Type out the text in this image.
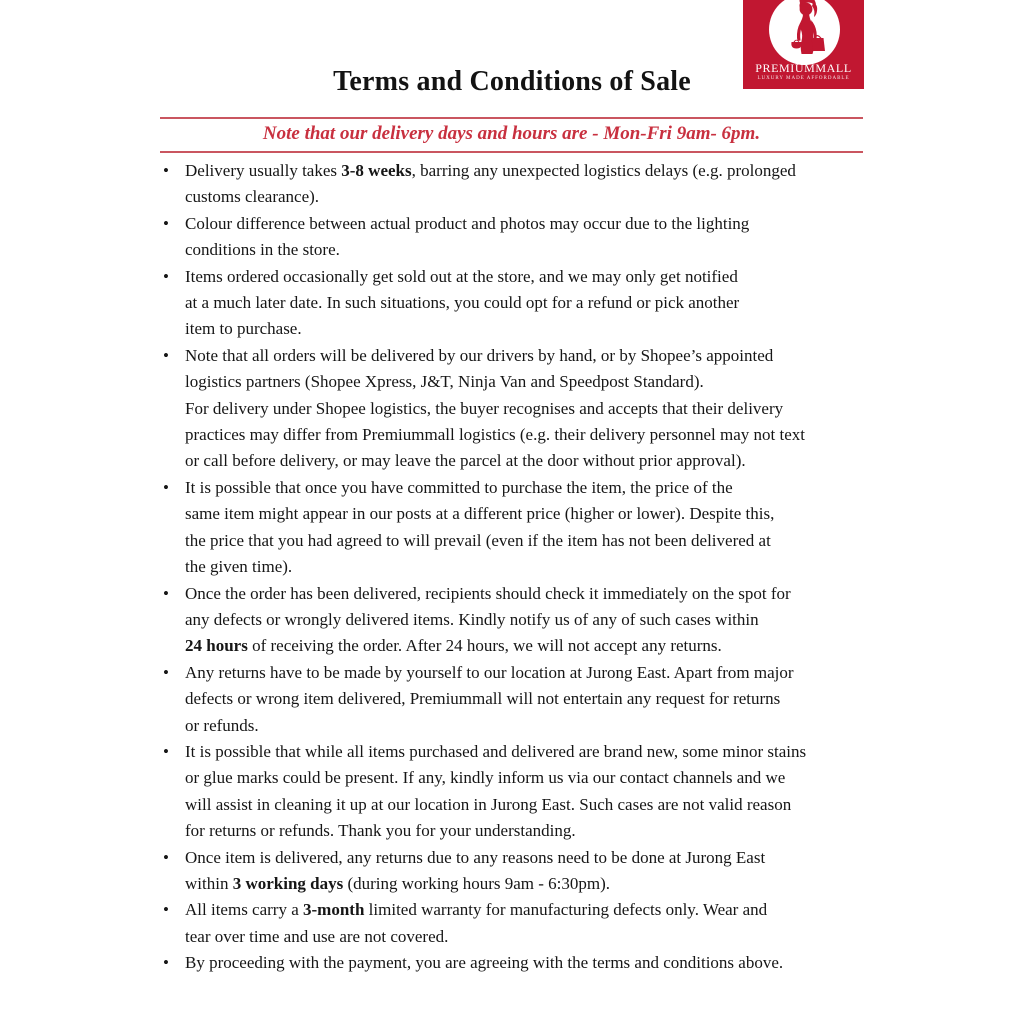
Terms and Conditions of Sale	PREMIUMMALL
LUXURY MADE AFFORDABLE
Note that our delivery days and hours are - Mon-Fri 9am- 6pm.
• Delivery usually takes 3-8 weeks, barring any unexpected logistics delays (e.g. prolonged
customs clearance).
• Colour difference between actual product and photos may occur due to the lighting
conditions in the store.
• Items ordered occasionally get sold out at the store, and we may only get notified
at a much later date. In such situations, you could opt for a refund or pick another
item to purchase.
• Note that all orders will be delivered by our drivers by hand, or by Shopee’s appointed
logistics partners (Shopee Xpress, J&T, Ninja Van and Speedpost Standard).
For delivery under Shopee logistics, the buyer recognises and accepts that their delivery
practices may differ from Premiummall logistics (e.g. their delivery personnel may not text
or call before delivery, or may leave the parcel at the door without prior approval).
• It is possible that once you have committed to purchase the item, the price of the
same item might appear in our posts at a different price (higher or lower). Despite this,
the price that you had agreed to will prevail (even if the item has not been delivered at
the given time).
• Once the order has been delivered, recipients should check it immediately on the spot for
any defects or wrongly delivered items. Kindly notify us of any of such cases within
24 hours of receiving the order. After 24 hours, we will not accept any returns.
• Any returns have to be made by yourself to our location at Jurong East. Apart from major
defects or wrong item delivered, Premiummall will not entertain any request for returns
or refunds.
• It is possible that while all items purchased and delivered are brand new, some minor stains
or glue marks could be present. If any, kindly inform us via our contact channels and we
will assist in cleaning it up at our location in Jurong East. Such cases are not valid reason
for returns or refunds. Thank you for your understanding.
• Once item is delivered, any returns due to any reasons need to be done at Jurong East
within 3 working days (during working hours 9am - 6:30pm).
• All items carry a 3-month limited warranty for manufacturing defects only. Wear and
tear over time and use are not covered.
• By proceeding with the payment, you are agreeing with the terms and conditions above.
